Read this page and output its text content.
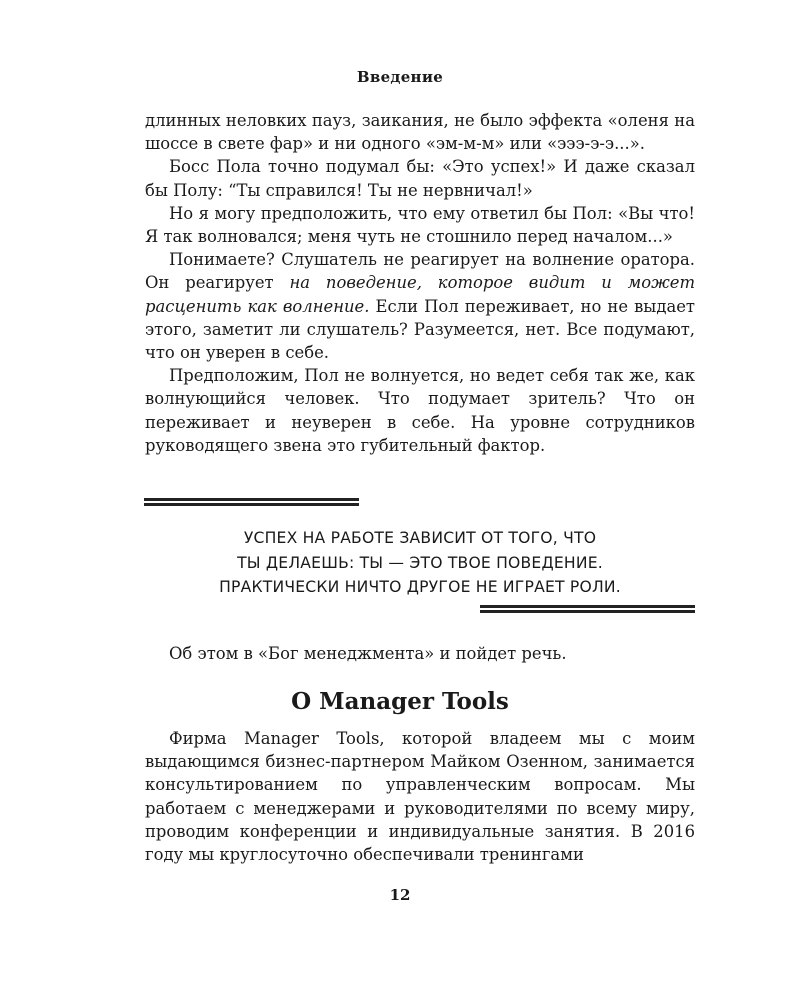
Введение

длинных неловких пауз, заикания, не было эффекта «оленя на шоссе в свете фар» и ни одного «эм-м-м» или «эээ-э-э...».

Босс Пола точно подумал бы: «Это успех!» И даже сказал бы Полу: “Ты справился! Ты не нервничал!»

Но я могу предположить, что ему ответил бы Пол: «Вы что! Я так волновался; меня чуть не стошнило перед началом...»

Понимаете? Слушатель не реагирует на волнение оратора. Он реагирует на поведение, которое видит и может расценить как волнение. Если Пол переживает, но не выдает этого, заметит ли слушатель? Разумеется, нет. Все подумают, что он уверен в себе.

Предположим, Пол не волнуется, но ведет себя так же, как волнующийся человек. Что подумает зритель? Что он переживает и неуверен в себе. На уровне сотрудников руководящего звена это губительный фактор.

УСПЕХ НА РАБОТЕ ЗАВИСИТ ОТ ТОГО, ЧТО
ТЫ ДЕЛАЕШЬ: ТЫ — ЭТО ТВОЕ ПОВЕДЕНИЕ.
ПРАКТИЧЕСКИ НИЧТО ДРУГОЕ НЕ ИГРАЕТ РОЛИ.

Об этом в «Бог менеджмента» и пойдет речь.

О Manager Tools

Фирма Manager Tools, которой владеем мы с моим выдающимся бизнес-партнером Майком Озенном, занимается консультированием по управленческим вопросам. Мы работаем с менеджерами и руководителями по всему миру, проводим конференции и индивидуальные занятия. В 2016 году мы круглосуточно обеспечивали тренингами

12
